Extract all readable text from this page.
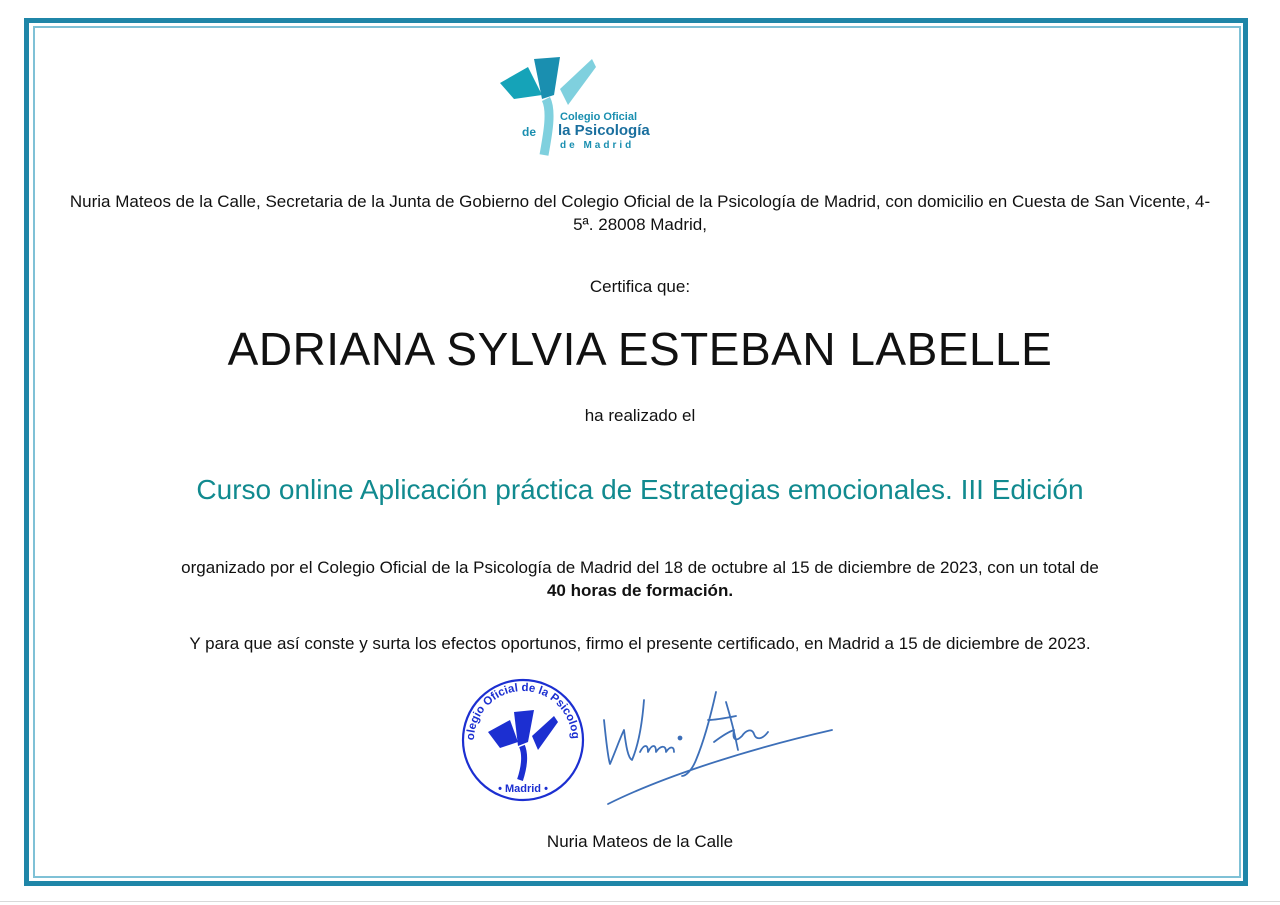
Colegio Oficial
de la Psicología
de Madrid
Nuria Mateos de la Calle, Secretaria de la Junta de Gobierno del Colegio Oficial de la Psicología de Madrid, con domicilio en Cuesta de San Vicente, 4-5ª. 28008 Madrid,
Certifica que:
ADRIANA SYLVIA ESTEBAN LABELLE
ha realizado el
Curso online Aplicación práctica de Estrategias emocionales. III Edición
organizado por el Colegio Oficial de la Psicología de Madrid del 18 de octubre al 15 de diciembre de 2023, con un total de
40 horas de formación.
Y para que así conste y surta los efectos oportunos, firmo el presente certificado, en Madrid a 15 de diciembre de 2023.
olegio Oficial de la Psicolog
• Madrid •
Nuria Mateos de la Calle
